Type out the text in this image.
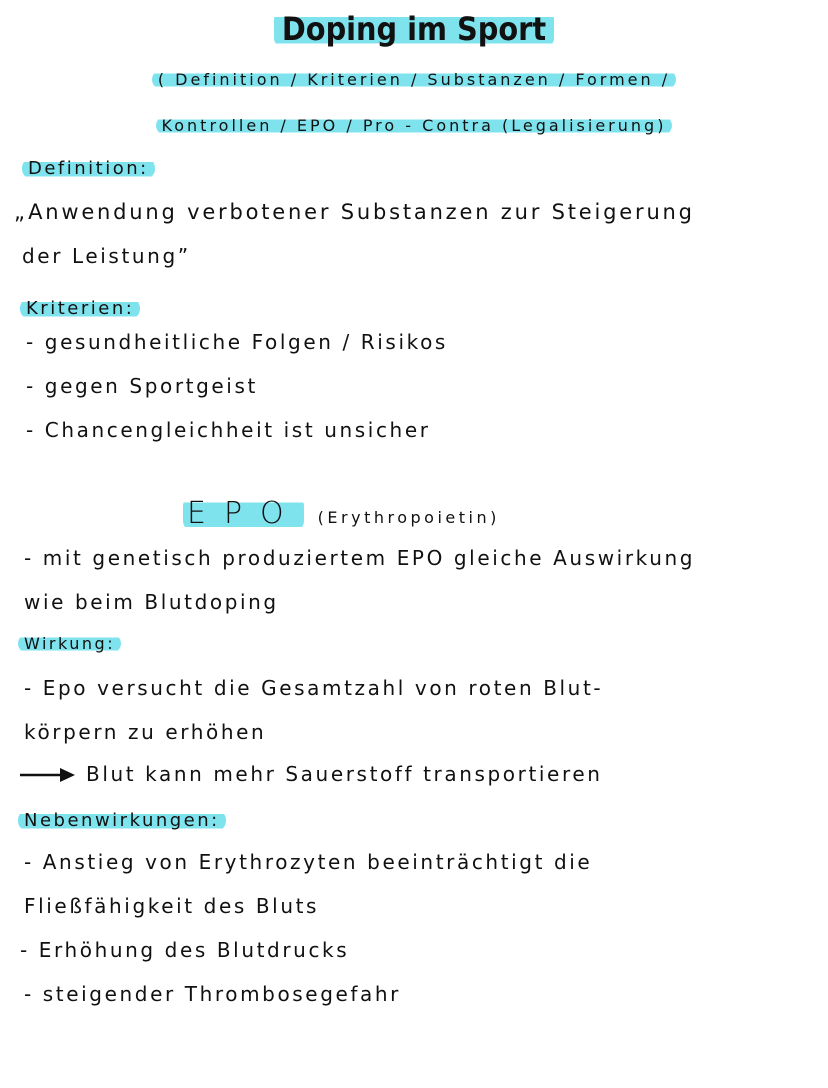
Doping im Sport
( Definition / Kriterien / Substanzen / Formen /
Kontrollen / EPO / Pro - Contra (Legalisierung)
Definition:
„Anwendung verbotener Substanzen zur Steigerung
der Leistung”
Kriterien:
- gesundheitliche Folgen / Risikos
- gegen Sportgeist
- Chancengleichheit ist unsicher
EPO (Erythropoietin)
- mit genetisch produziertem EPO gleiche Auswirkung
wie beim Blutdoping
Wirkung:
- Epo versucht die Gesamtzahl von roten Blut-
körpern zu erhöhen
Blut kann mehr Sauerstoff transportieren
Nebenwirkungen:
- Anstieg von Erythrozyten beeinträchtigt die
Fließfähigkeit des Bluts
- Erhöhung des Blutdrucks
- steigender Thrombosegefahr
